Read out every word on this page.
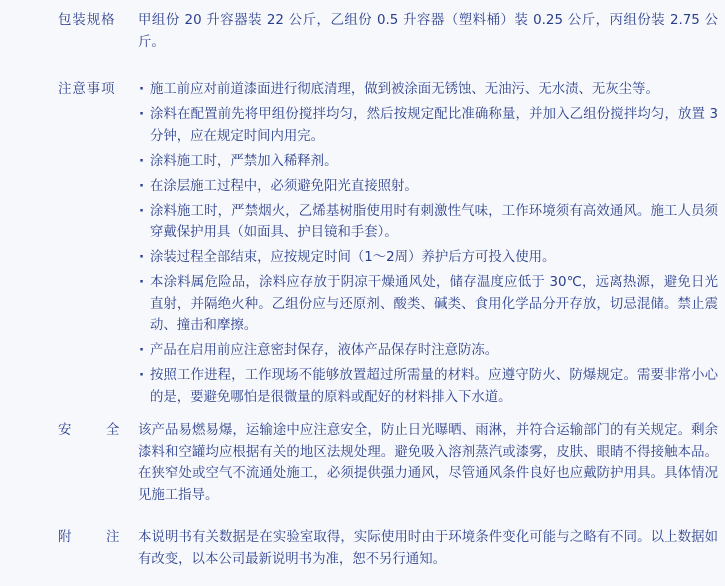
包装规格	甲组份 20 升容器装 22 公斤，乙组份 0.5 升容器（塑料桶）装 0.25 公斤，丙组份装 2.75 公斤。
注意事项
·	施工前应对前道漆面进行彻底清理，做到被涂面无锈蚀、无油污、无水渍、无灰尘等。
· 涂料在配置前先将甲组份搅拌均匀，然后按规定配比准确称量，并加入乙组份搅拌均匀，放置 3 分钟，应在规定时间内用完。
· 涂料施工时，严禁加入稀释剂。
· 在涂层施工过程中，必须避免阳光直接照射。
· 涂料施工时，严禁烟火，乙烯基树脂使用时有刺激性气味，工作环境须有高效通风。施工人员须穿戴保护用具（如面具、护目镜和手套）。
· 涂装过程全部结束，应按规定时间（1～2周）养护后方可投入使用。
· 本涂料属危险品，涂料应存放于阴凉干燥通风处，储存温度应低于 30℃，远离热源，避免日光直射，并隔绝火种。乙组份应与还原剂、酸类、碱类、食用化学品分开存放，切忌混储。禁止震动、撞击和摩擦。
· 产品在启用前应注意密封保存，液体产品保存时注意防冻。
· 按照工作进程，工作现场不能够放置超过所需量的材料。应遵守防火、防爆规定。需要非常小心的是，要避免哪怕是很微量的原料或配好的材料排入下水道。
安	全	该产品易燃易爆，运输途中应注意安全，防止日光曝晒、雨淋，并符合运输部门的有关规定。剩余漆料和空罐均应根据有关的地区法规处理。避免吸入溶剂蒸汽或漆雾，皮肤、眼睛不得接触本品。在狭窄处或空气不流通处施工，必须提供强力通风，尽管通风条件良好也应戴防护用具。具体情况见施工指导。
附	注	本说明书有关数据是在实验室取得，实际使用时由于环境条件变化可能与之略有不同。以上数据如有改变，以本公司最新说明书为准，恕不另行通知。
